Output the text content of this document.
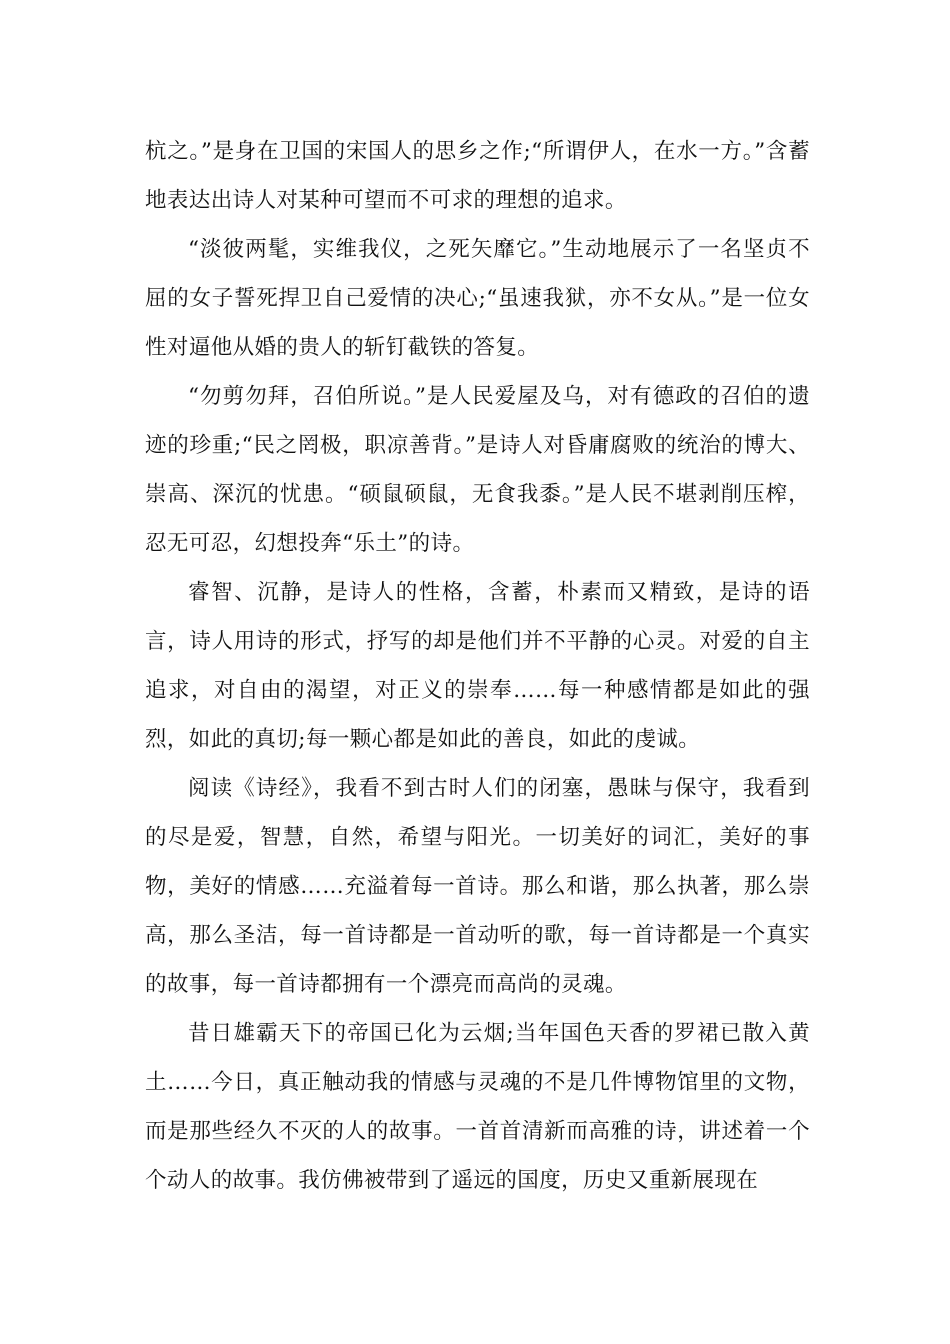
杭之。”是身在卫国的宋国人的思乡之作;“所谓伊人，在水一方。”含蓄地表达出诗人对某种可望而不可求的理想的追求。

“淡彼两髦，实维我仪，之死矢靡它。”生动地展示了一名坚贞不屈的女子誓死捍卫自己爱情的决心;“虽速我狱，亦不女从。”是一位女性对逼他从婚的贵人的斩钉截铁的答复。

“勿剪勿拜，召伯所说。”是人民爱屋及乌，对有德政的召伯的遗迹的珍重;“民之罔极，职凉善背。”是诗人对昏庸腐败的统治的博大、崇高、深沉的忧患。“硕鼠硕鼠，无食我黍。”是人民不堪剥削压榨，忍无可忍，幻想投奔“乐土”的诗。

睿智、沉静，是诗人的性格，含蓄，朴素而又精致，是诗的语言，诗人用诗的形式，抒写的却是他们并不平静的心灵。对爱的自主追求，对自由的渴望，对正义的崇奉……每一种感情都是如此的强烈，如此的真切;每一颗心都是如此的善良，如此的虔诚。

阅读《诗经》，我看不到古时人们的闭塞，愚昧与保守，我看到的尽是爱，智慧，自然，希望与阳光。一切美好的词汇，美好的事物，美好的情感……充溢着每一首诗。那么和谐，那么执著，那么崇高，那么圣洁，每一首诗都是一首动听的歌，每一首诗都是一个真实的故事，每一首诗都拥有一个漂亮而高尚的灵魂。

昔日雄霸天下的帝国已化为云烟;当年国色天香的罗裙已散入黄土……今日，真正触动我的情感与灵魂的不是几件博物馆里的文物，而是那些经久不灭的人的故事。一首首清新而高雅的诗，讲述着一个个动人的故事。我仿佛被带到了遥远的国度，历史又重新展现在
